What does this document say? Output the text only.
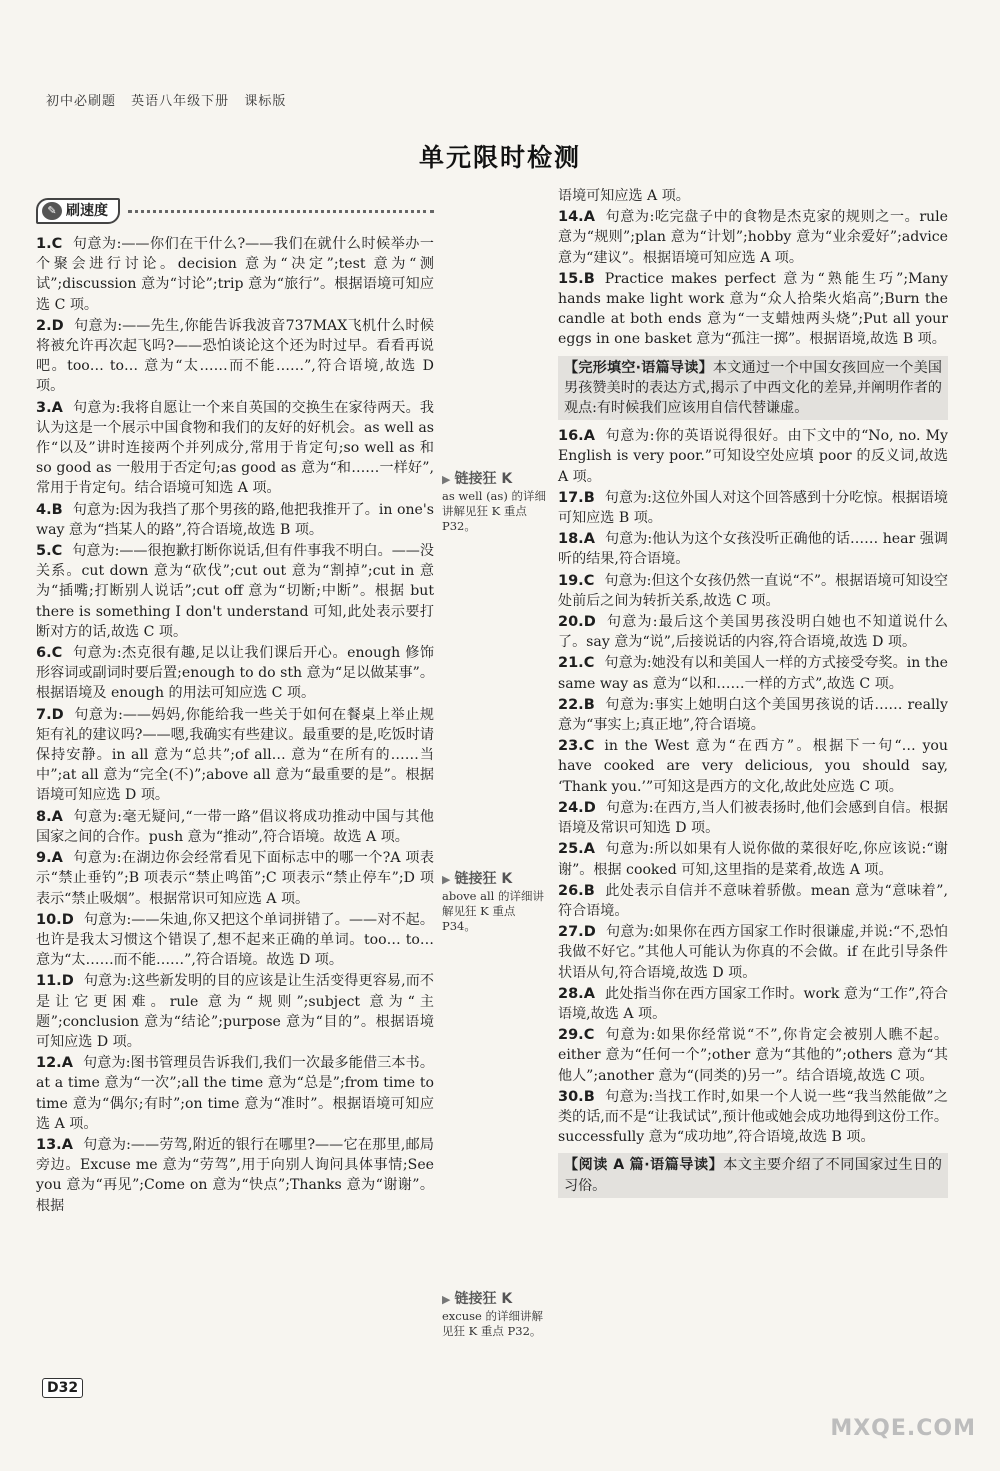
初中必刷题 英语八年级下册 课标版
单元限时检测
✎ 刷速度
1.C 句意为:——你们在干什么?——我们在就什么时候举办一个聚会进行讨论。decision 意为“决定”;test 意为“测试”;discussion 意为“讨论”;trip 意为“旅行”。根据语境可知应选 C 项。
2.D 句意为:——先生,你能告诉我波音737MAX飞机什么时候将被允许再次起飞吗?——恐怕谈论这个还为时过早。看看再说吧。too… to… 意为“太……而不能……”,符合语境,故选 D 项。
3.A 句意为:我将自愿让一个来自英国的交换生在家待两天。我认为这是一个展示中国食物和我们的友好的好机会。as well as 作“以及”讲时连接两个并列成分,常用于肯定句;so well as 和 so good as 一般用于否定句;as good as 意为“和……一样好”,常用于肯定句。结合语境可知选 A 项。
4.B 句意为:因为我挡了那个男孩的路,他把我推开了。in one's way 意为“挡某人的路”,符合语境,故选 B 项。
5.C 句意为:——很抱歉打断你说话,但有件事我不明白。——没关系。cut down 意为“砍伐”;cut out 意为“割掉”;cut in 意为“插嘴;打断别人说话”;cut off 意为“切断;中断”。根据 but there is something I don't understand 可知,此处表示要打断对方的话,故选 C 项。
6.C 句意为:杰克很有趣,足以让我们课后开心。enough 修饰形容词或副词时要后置;enough to do sth 意为“足以做某事”。根据语境及 enough 的用法可知应选 C 项。
7.D 句意为:——妈妈,你能给我一些关于如何在餐桌上举止规矩有礼的建议吗?——嗯,我确实有些建议。最重要的是,吃饭时请保持安静。in all 意为“总共”;of all… 意为“在所有的……当中”;at all 意为“完全(不)”;above all 意为“最重要的是”。根据语境可知应选 D 项。
8.A 句意为:毫无疑问,“一带一路”倡议将成功推动中国与其他国家之间的合作。push 意为“推动”,符合语境。故选 A 项。
9.A 句意为:在湖边你会经常看见下面标志中的哪一个?A 项表示“禁止垂钓”;B 项表示“禁止鸣笛”;C 项表示“禁止停车”;D 项表示“禁止吸烟”。根据常识可知应选 A 项。
10.D 句意为:——朱迪,你又把这个单词拼错了。——对不起。也许是我太习惯这个错误了,想不起来正确的单词。too… to… 意为“太……而不能……”,符合语境。故选 D 项。
11.D 句意为:这些新发明的目的应该是让生活变得更容易,而不是让它更困难。rule 意为“规则”;subject 意为“主题”;conclusion 意为“结论”;purpose 意为“目的”。根据语境可知应选 D 项。
12.A 句意为:图书管理员告诉我们,我们一次最多能借三本书。at a time 意为“一次”;all the time 意为“总是”;from time to time 意为“偶尔;有时”;on time 意为“准时”。根据语境可知应选 A 项。
13.A 句意为:——劳驾,附近的银行在哪里?——它在那里,邮局旁边。Excuse me 意为“劳驾”,用于向别人询问具体事情;See you 意为“再见”;Come on 意为“快点”;Thanks 意为“谢谢”。根据
语境可知应选 A 项。
14.A 句意为:吃完盘子中的食物是杰克家的规则之一。rule 意为“规则”;plan 意为“计划”;hobby 意为“业余爱好”;advice 意为“建议”。根据语境可知应选 A 项。
15.B Practice makes perfect 意为“熟能生巧”;Many hands make light work 意为“众人拾柴火焰高”;Burn the candle at both ends 意为“一支蜡烛两头烧”;Put all your eggs in one basket 意为“孤注一掷”。根据语境,故选 B 项。
【完形填空·语篇导读】本文通过一个中国女孩回应一个美国男孩赞美时的表达方式,揭示了中西文化的差异,并阐明作者的观点:有时候我们应该用自信代替谦虚。
16.A 句意为:你的英语说得很好。由下文中的“No, no. My English is very poor.”可知设空处应填 poor 的反义词,故选 A 项。
17.B 句意为:这位外国人对这个回答感到十分吃惊。根据语境可知应选 B 项。
18.A 句意为:他认为这个女孩没听正确他的话…… hear 强调听的结果,符合语境。
19.C 句意为:但这个女孩仍然一直说“不”。根据语境可知设空处前后之间为转折关系,故选 C 项。
20.D 句意为:最后这个美国男孩没明白她也不知道说什么了。say 意为“说”,后接说话的内容,符合语境,故选 D 项。
21.C 句意为:她没有以和美国人一样的方式接受夸奖。in the same way as 意为“以和……一样的方式”,故选 C 项。
22.B 句意为:事实上她明白这个美国男孩说的话…… really 意为“事实上;真正地”,符合语境。
23.C in the West 意为“在西方”。根据下一句“… you have cooked are very delicious, you should say, ‘Thank you.’”可知这是西方的文化,故此处应选 C 项。
24.D 句意为:在西方,当人们被表扬时,他们会感到自信。根据语境及常识可知选 D 项。
25.A 句意为:所以如果有人说你做的菜很好吃,你应该说:“谢谢”。根据 cooked 可知,这里指的是菜肴,故选 A 项。
26.B 此处表示自信并不意味着骄傲。mean 意为“意味着”,符合语境。
27.D 句意为:如果你在西方国家工作时很谦虚,并说:“不,恐怕我做不好它。”其他人可能认为你真的不会做。if 在此引导条件状语从句,符合语境,故选 D 项。
28.A 此处指当你在西方国家工作时。work 意为“工作”,符合语境,故选 A 项。
29.C 句意为:如果你经常说“不”,你肯定会被别人瞧不起。either 意为“任何一个”;other 意为“其他的”;others 意为“其他人”;another 意为“(同类的)另一”。结合语境,故选 C 项。
30.B 句意为:当找工作时,如果一个人说一些“我当然能做”之类的话,而不是“让我试试”,预计他或她会成功地得到这份工作。successfully 意为“成功地”,符合语境,故选 B 项。
【阅读 A 篇·语篇导读】本文主要介绍了不同国家过生日的习俗。
▶ 链接狂 K
as well (as) 的详细讲解见狂 K 重点 P32。
▶ 链接狂 K
above all 的详细讲解见狂 K 重点 P34。
▶ 链接狂 K
excuse 的详细讲解见狂 K 重点 P32。
D32
MXQE.COM
